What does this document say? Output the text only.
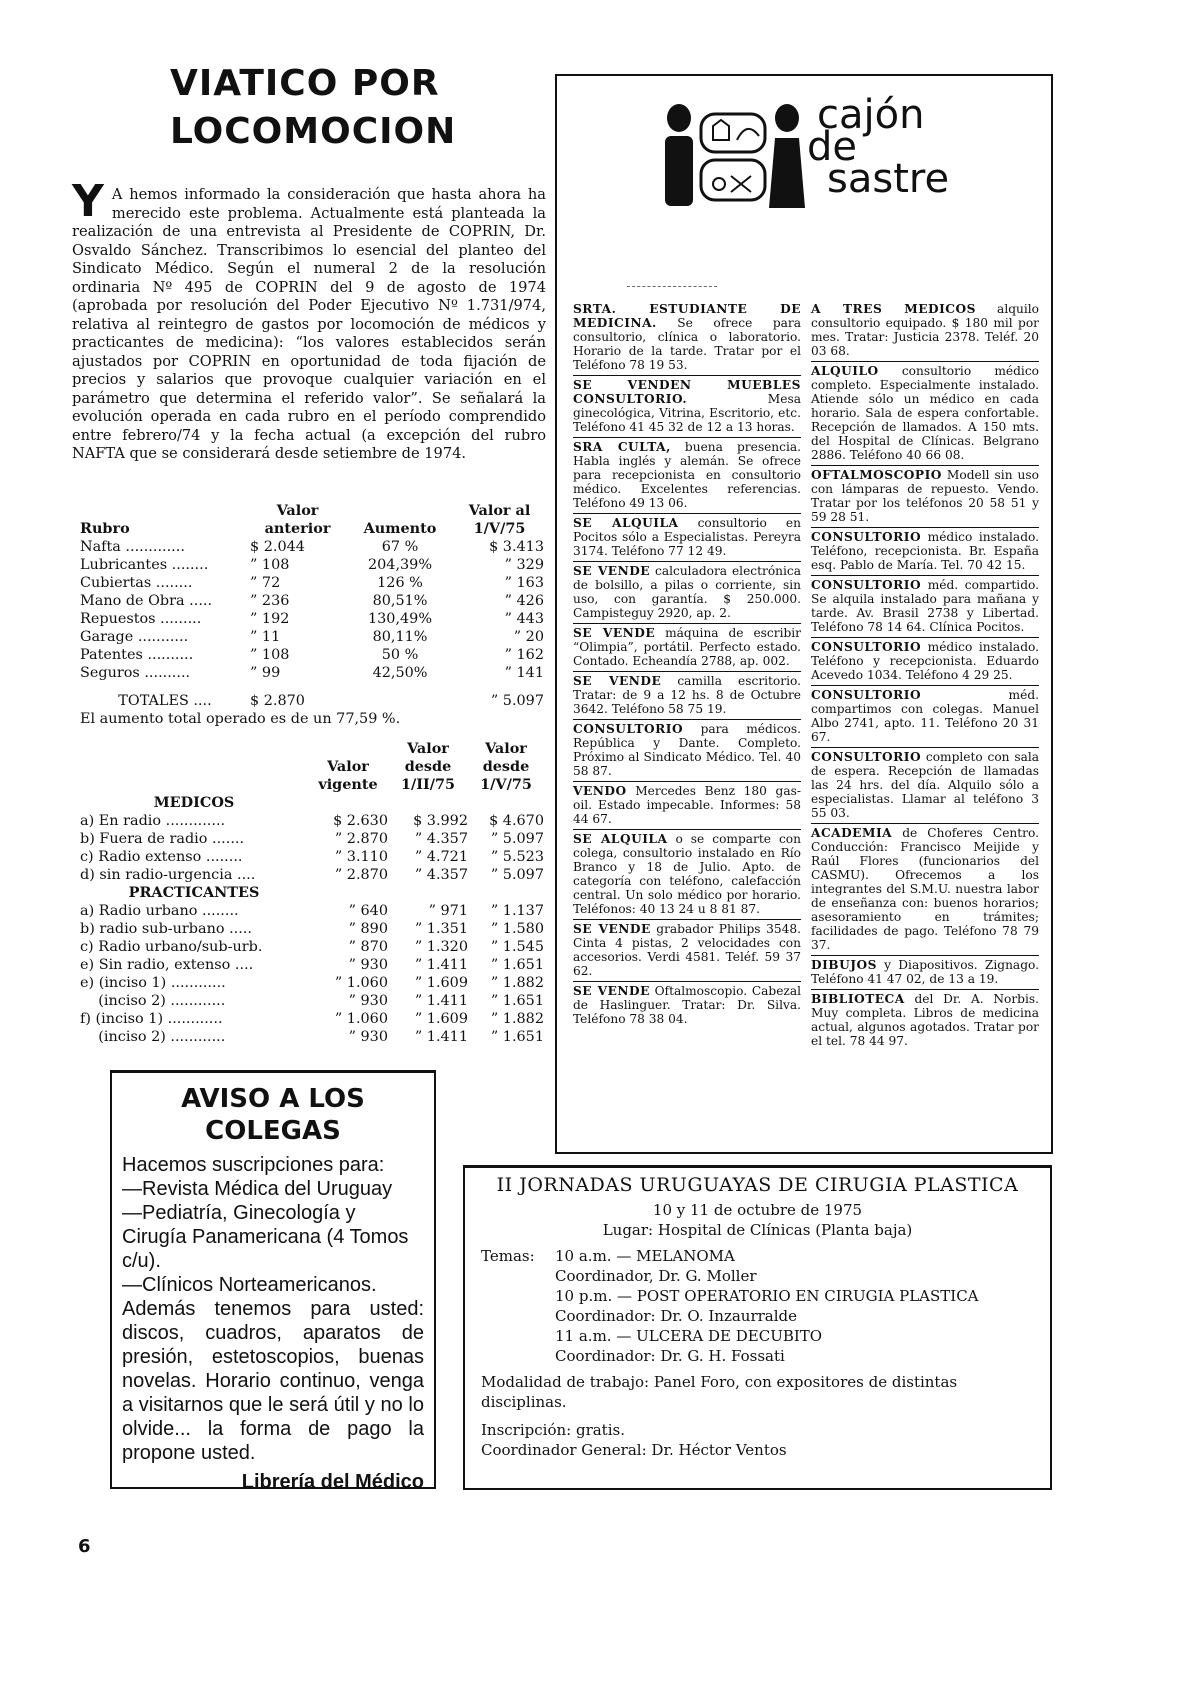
VIATICO POR
LOCOMOCION
Y A hemos informado la consideración que hasta ahora ha merecido este problema. Actualmente está planteada la realización de una entrevista al Presidente de COPRIN, Dr. Osvaldo Sánchez. Transcribimos lo esencial del planteo del Sindicato Médico. Según el numeral 2 de la resolución ordinaria Nº 495 de COPRIN del 9 de agosto de 1974 (aprobada por resolución del Poder Ejecutivo Nº 1.731/974, relativa al reintegro de gastos por locomoción de médicos y practicantes de medicina): “los valores establecidos serán ajustados por COPRIN en oportunidad de toda fijación de precios y salarios que provoque cualquier variación en el parámetro que determina el referido valor”. Se señalará la evolución operada en cada rubro en el período comprendido entre febrero/74 y la fecha actual (a excepción del rubro NAFTA que se considerará desde setiembre de 1974.
	Valor		Valor al
Rubro	anterior	Aumento	1/V/75
Nafta .............	$ 2.044	67 %	$ 3.413
Lubricantes ........	” 108	204,39%	” 329
Cubiertas ........	” 72	126 %	” 163
Mano de Obra .....	” 236	80,51%	” 426
Repuestos .........	” 192	130,49%	” 443
Garage ...........	” 11	80,11%	” 20
Patentes ..........	” 108	50 %	” 162
Seguros ..........	” 99	42,50%	” 141

TOTALES ....	$ 2.870		” 5.097
El aumento total operado es de un 77,59 %.			
		Valor	Valor
	Valor	desde	desde
	vigente	1/II/75	1/V/75
MEDICOS			
a) En radio .............	$ 2.630	$ 3.992	$ 4.670
b) Fuera de radio .......	” 2.870	” 4.357	” 5.097
c) Radio extenso ........	” 3.110	” 4.721	” 5.523
d) sin radio-urgencia ....	” 2.870	” 4.357	” 5.097
PRACTICANTES			
a) Radio urbano ........	” 640	” 971	” 1.137
b) radio sub-urbano .....	” 890	” 1.351	” 1.580
c) Radio urbano/sub-urb.	” 870	” 1.320	” 1.545
e) Sin radio, extenso ....	” 930	” 1.411	” 1.651
e) (inciso 1) ............	” 1.060	” 1.609	” 1.882
(inciso 2) ............	” 930	” 1.411	” 1.651
f) (inciso 1) ............	” 1.060	” 1.609	” 1.882
(inciso 2) ............	” 930	” 1.411	” 1.651
AVISO A LOS
COLEGAS
Hacemos suscripciones para:
—Revista Médica del Uruguay
—Pediatría, Ginecología y Cirugía Panamericana (4 Tomos c/u).
—Clínicos Norteamericanos.
Además tenemos para usted: discos, cuadros, aparatos de presión, estetoscopios, buenas novelas. Horario continuo, venga a visitarnos que le será útil y no lo olvide... la forma de pago la propone usted.
Librería del Médico
cajón
de
sastre
SRTA. ESTUDIANTE DE MEDICINA. Se ofrece para consultorio, clínica o laboratorio. Horario de la tarde. Tratar por el Teléfono 78 19 53.
SE VENDEN MUEBLES CONSULTORIO. Mesa ginecológica, Vitrina, Escritorio, etc. Teléfono 41 45 32 de 12 a 13 horas.
SRA CULTA, buena presencia. Habla inglés y alemán. Se ofrece para recepcionista en consultorio médico. Excelentes referencias. Teléfono 49 13 06.
SE ALQUILA consultorio en Pocitos sólo a Especialistas. Pereyra 3174. Teléfono 77 12 49.
SE VENDE calculadora electrónica de bolsillo, a pilas o corriente, sin uso, con garantía. $ 250.000. Campisteguy 2920, ap. 2.
SE VENDE máquina de escribir “Olimpia”, portátil. Perfecto estado. Contado. Echeandía 2788, ap. 002.
SE VENDE camilla escritorio. Tratar: de 9 a 12 hs. 8 de Octubre 3642. Teléfono 58 75 19.
CONSULTORIO para médicos. República y Dante. Completo. Próximo al Sindicato Médico. Tel. 40 58 87.
VENDO Mercedes Benz 180 gas-oil. Estado impecable. Informes: 58 44 67.
SE ALQUILA o se comparte con colega, consultorio instalado en Río Branco y 18 de Julio. Apto. de categoría con teléfono, calefacción central. Un solo médico por horario. Teléfonos: 40 13 24 u 8 81 87.
SE VENDE grabador Philips 3548. Cinta 4 pistas, 2 velocidades con accesorios. Verdi 4581. Teléf. 59 37 62.
SE VENDE Oftalmoscopio. Cabezal de Haslinguer. Tratar: Dr. Silva. Teléfono 78 38 04.
A TRES MEDICOS alquilo consultorio equipado. $ 180 mil por mes. Tratar: Justicia 2378. Teléf. 20 03 68.
ALQUILO consultorio médico completo. Especialmente instalado. Atiende sólo un médico en cada horario. Sala de espera confortable. Recepción de llamados. A 150 mts. del Hospital de Clínicas. Belgrano 2886. Teléfono 40 66 08.
OFTALMOSCOPIO Modell sin uso con lámparas de repuesto. Vendo. Tratar por los teléfonos 20 58 51 y 59 28 51.
CONSULTORIO médico instalado. Teléfono, recepcionista. Br. España esq. Pablo de María. Tel. 70 42 15.
CONSULTORIO méd. compartido. Se alquila instalado para mañana y tarde. Av. Brasil 2738 y Libertad. Teléfono 78 14 64. Clínica Pocitos.
CONSULTORIO médico instalado. Teléfono y recepcionista. Eduardo Acevedo 1034. Teléfono 4 29 25.
CONSULTORIO méd. compartimos con colegas. Manuel Albo 2741, apto. 11. Teléfono 20 31 67.
CONSULTORIO completo con sala de espera. Recepción de llamadas las 24 hrs. del día. Alquilo sólo a especialistas. Llamar al teléfono 3 55 03.
ACADEMIA de Choferes Centro. Conducción: Francisco Meijide y Raúl Flores (funcionarios del CASMU). Ofrecemos a los integrantes del S.M.U. nuestra labor de enseñanza con: buenos horarios; asesoramiento en trámites; facilidades de pago. Teléfono 78 79 37.
DIBUJOS y Diapositivos. Zignago. Teléfono 41 47 02, de 13 a 19.
BIBLIOTECA del Dr. A. Norbis. Muy completa. Libros de medicina actual, algunos agotados. Tratar por el tel. 78 44 97.
II JORNADAS URUGUAYAS DE CIRUGIA PLASTICA
10 y 11 de octubre de 1975
Lugar: Hospital de Clínicas (Planta baja)
Temas:	10 a.m. — MELANOMA
Coordinador, Dr. G. Moller
10 p.m. — POST OPERATORIO EN CIRUGIA PLASTICA
Coordinador: Dr. O. Inzaurralde
11 a.m. — ULCERA DE DECUBITO
Coordinador: Dr. G. H. Fossati
Modalidad de trabajo: Panel Foro, con expositores de distintas disciplinas.
Inscripción: gratis.
Coordinador General: Dr. Héctor Ventos
6
